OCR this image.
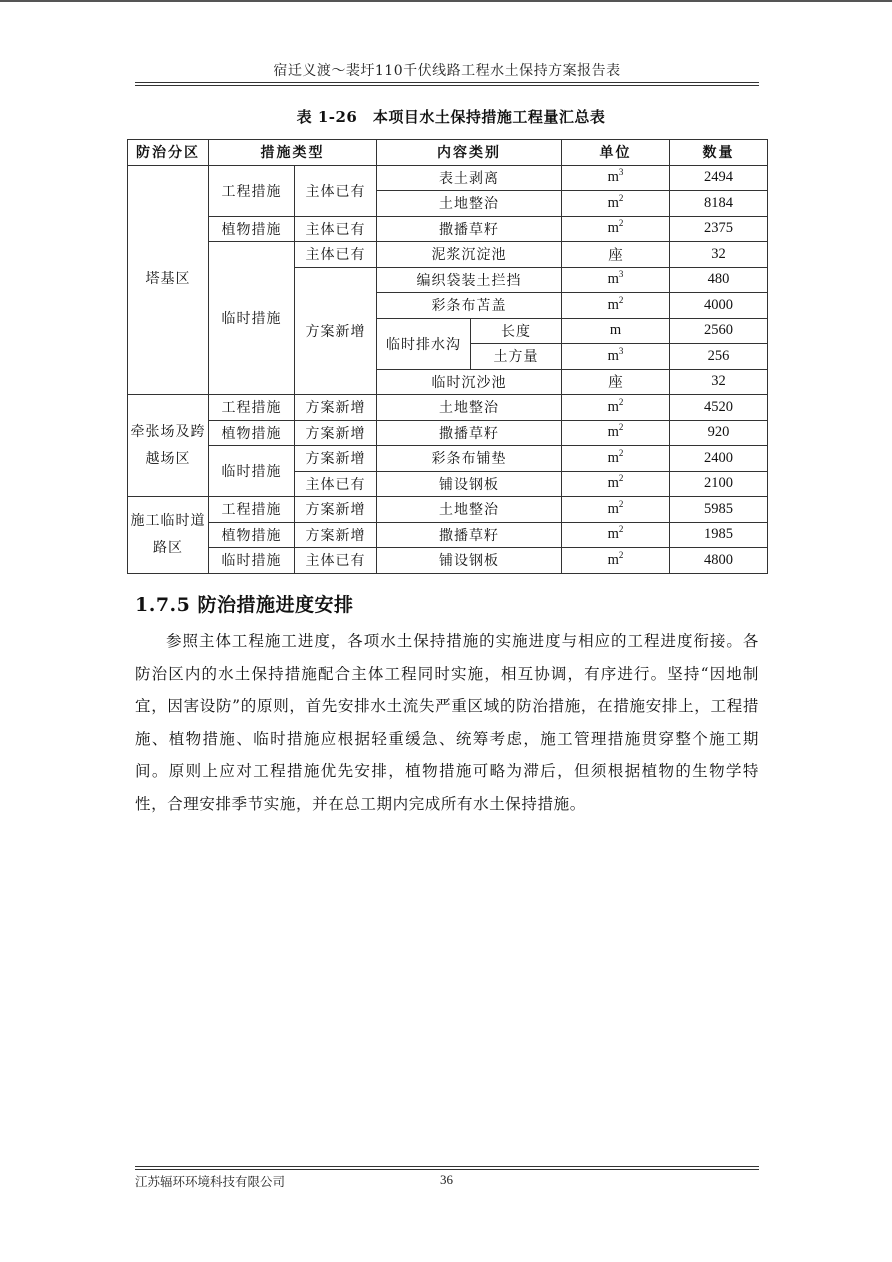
宿迁义渡～裴圩110千伏线路工程水土保持方案报告表
表 1-26　本项目水土保持措施工程量汇总表
防治分区	措施类型		内容类别		单位	数量
塔基区	工程措施	主体已有	表土剥离		$m^3$	2494
			土地整治		$m^2$	8184
	植物措施	主体已有	撒播草籽		$m^2$	2375
	临时措施	主体已有	泥浆沉淀池		座	32
		方案新增	编织袋装土拦挡		$m^3$	480
			彩条布苫盖		$m^2$	4000
			临时排水沟	长度	m	2560
				土方量	$m^3$	256
			临时沉沙池		座	32
牵张场及跨越场区	工程措施	方案新增	土地整治		$m^2$	4520
	植物措施	方案新增	撒播草籽		$m^2$	920
	临时措施	方案新增	彩条布铺垫		$m^2$	2400
		主体已有	铺设钢板		$m^2$	2100
施工临时道路区	工程措施	方案新增	土地整治		$m^2$	5985
	植物措施	方案新增	撒播草籽		$m^2$	1985
	临时措施	主体已有	铺设钢板		$m^2$	4800
1.7.5 防治措施进度安排

参照主体工程施工进度，各项水土保持措施的实施进度与相应的工程进度衔接。各防治区内的水土保持措施配合主体工程同时实施，相互协调，有序进行。坚持“因地制宜，因害设防”的原则，首先安排水土流失严重区域的防治措施，在措施安排上，工程措施、植物措施、临时措施应根据轻重缓急、统筹考虑，施工管理措施贯穿整个施工期间。原则上应对工程措施优先安排，植物措施可略为滞后，但须根据植物的生物学特性，合理安排季节实施，并在总工期内完成所有水土保持措施。

江苏辐环环境科技有限公司	36
